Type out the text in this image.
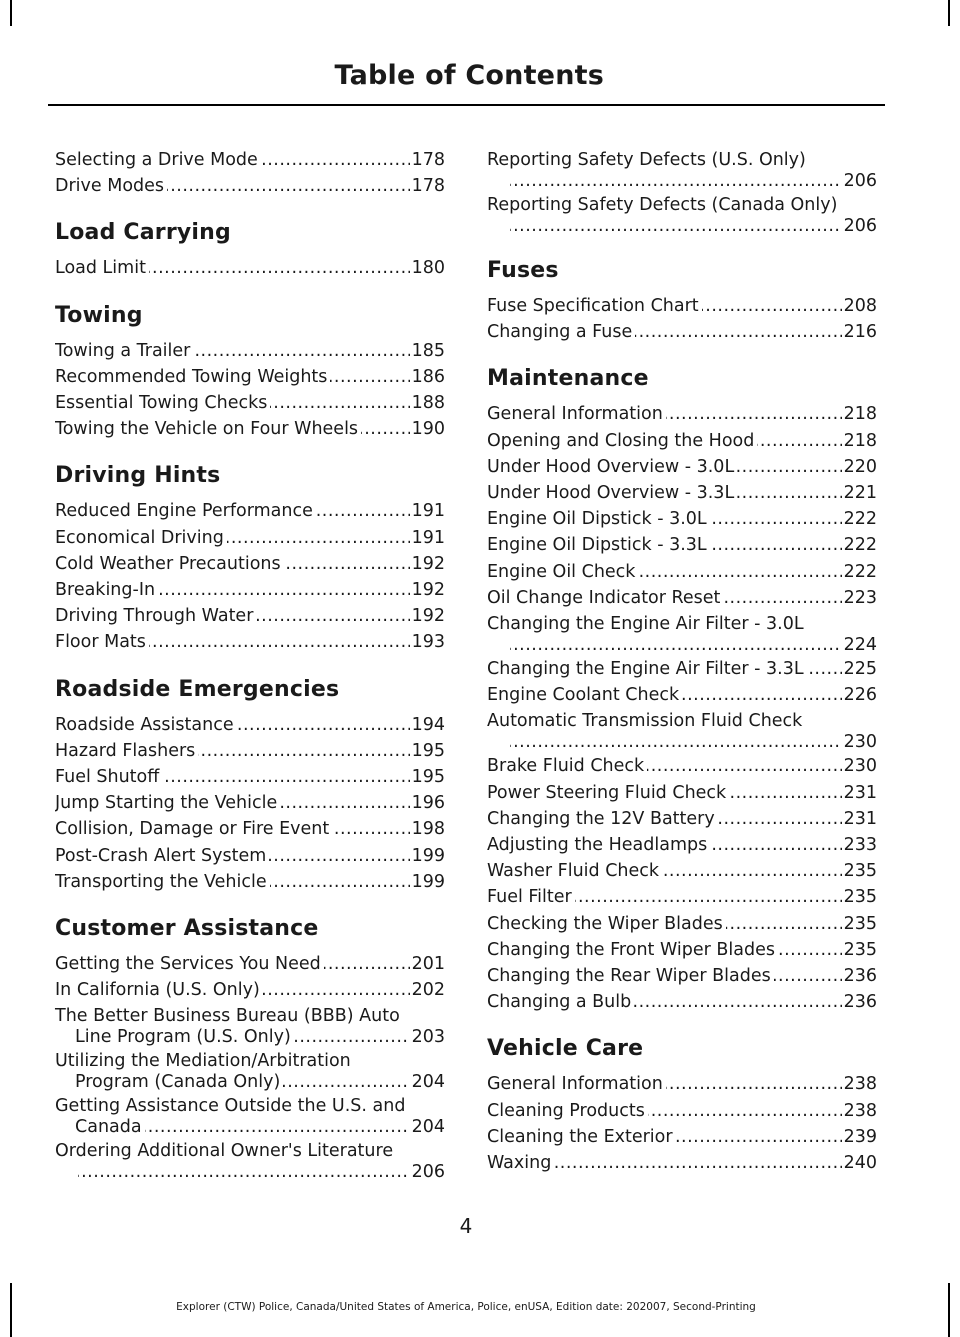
Table of Contents
Selecting a Drive Mode	178
.....
Drive Modes	178
.....
Load Carrying
Load Limit	180
.....
Towing
Towing a Trailer	185
.....
Recommended Towing Weights	186
.....
Essential Towing Checks	188
.....
Towing the Vehicle on Four Wheels	190
.....
Driving Hints
Reduced Engine Performance	191
.....
Economical Driving	191
.....
Cold Weather Precautions	192
.....
Breaking-In	192
.....
Driving Through Water	192
.....
Floor Mats	193
.....
Roadside Emergencies
Roadside Assistance	194
.....
Hazard Flashers	195
.....
Fuel Shutoff	195
.....
Jump Starting the Vehicle	196
.....
Collision, Damage or Fire Event	198
.....
Post-Crash Alert System	199
.....
Transporting the Vehicle	199
.....
Customer Assistance
Getting the Services You Need	201
.....
In California (U.S. Only)	202
.....
The Better Business Bureau (BBB) Auto
Line Program (U.S. Only)	203
.....
Utilizing the Mediation/Arbitration
Program (Canada Only)	204
.....
Getting Assistance Outside the U.S. and
Canada	204
.....
Ordering Additional Owner's Literature
206
.....
Reporting Safety Defects (U.S. Only)
206
.....
Reporting Safety Defects (Canada Only)
206
.....
Fuses
Fuse Specification Chart	208
.....
Changing a Fuse	216
.....
Maintenance
General Information	218
.....
Opening and Closing the Hood	218
.....
Under Hood Overview - 3.0L	220
.....
Under Hood Overview - 3.3L	221
.....
Engine Oil Dipstick - 3.0L	222
.....
Engine Oil Dipstick - 3.3L	222
.....
Engine Oil Check	222
.....
Oil Change Indicator Reset	223
.....
Changing the Engine Air Filter - 3.0L
224
.....
Changing the Engine Air Filter - 3.3L 225
.....
Engine Coolant Check	226
.....
Automatic Transmission Fluid Check
230
.....
Brake Fluid Check	230
.....
Power Steering Fluid Check	231
.....
Changing the 12V Battery	231
.....
Adjusting the Headlamps	233
.....
Washer Fluid Check	235
.....
Fuel Filter	235
.....
Checking the Wiper Blades	235
.....
Changing the Front Wiper Blades	235
.....
Changing the Rear Wiper Blades	236
.....
Changing a Bulb	236
.....
Vehicle Care
General Information	238
.....
Cleaning Products	238
.....
Cleaning the Exterior	239
.....
Waxing	240
.....
4
Explorer (CTW) Police, Canada/United States of America, Police, enUSA, Edition date: 202007, Second-Printing
